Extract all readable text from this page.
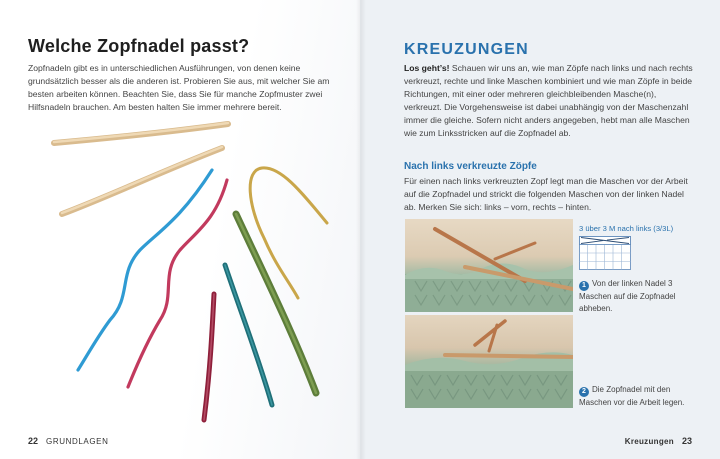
Welche Zopfnadel passt?

Zopfnadeln gibt es in unterschiedlichen Ausführungen, von denen keine grundsätzlich besser als die anderen ist. Probieren Sie aus, mit welcher Sie am besten arbeiten können. Beachten Sie, dass Sie für manche Zopfmuster zwei Hilfsnadeln brauchen. Am besten halten Sie immer mehrere bereit.

22 GRUNDLAGEN
KREUZUNGEN

Los geht’s! Schauen wir uns an, wie man Zöpfe nach links und nach rechts verkreuzt, rechte und linke Maschen kombiniert und wie man Zöpfe in beide Richtungen, mit einer oder mehreren gleichbleibenden Masche(n), verkreuzt. Die Vorgehensweise ist dabei unabhängig von der Maschenzahl immer die gleiche. Sofern nicht anders angegeben, hebt man alle Maschen wie zum Linksstricken auf die Zopfnadel ab.

Nach links verkreuzte Zöpfe

Für einen nach links verkreuzten Zopf legt man die Maschen vor der Arbeit auf die Zopfnadel und strickt die folgenden Maschen von der linken Nadel ab. Merken Sie sich: links – vorn, rechts – hinten.

3 über 3 M nach links (3/3L)

1 Von der linken Nadel 3 Maschen auf die Zopfnadel abheben.

2 Die Zopfnadel mit den Maschen vor die Arbeit legen.

Kreuzungen 23
